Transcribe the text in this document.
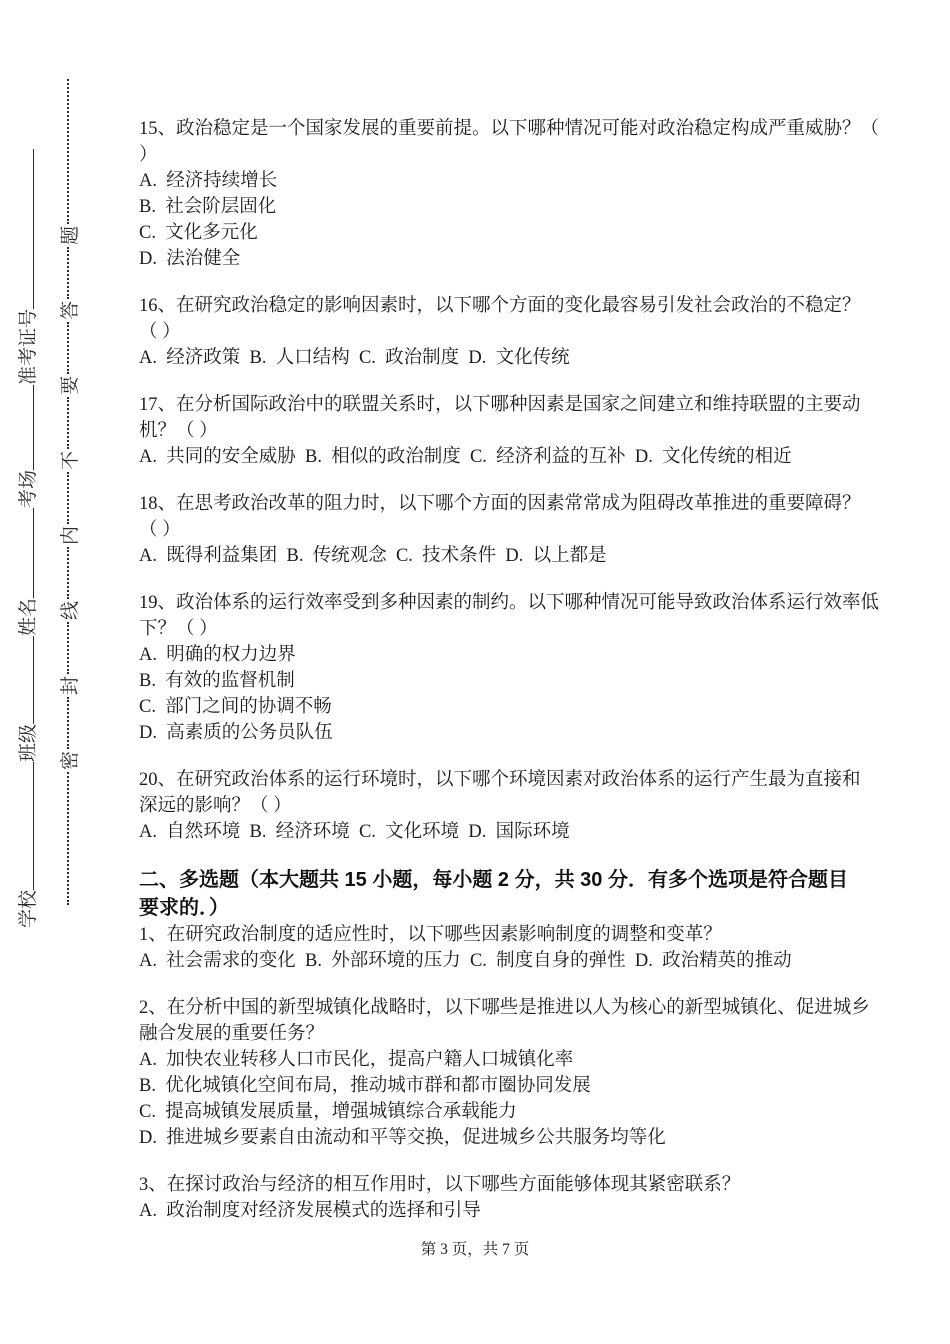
学校班级姓名考场准考证号
密
封
线
内
不
要
答
题
15、政治稳定是一个国家发展的重要前提。以下哪种情况可能对政治稳定构成严重威胁？（
）
A.  经济持续增长
B.  社会阶层固化
C.  文化多元化
D.  法治健全
16、在研究政治稳定的影响因素时，以下哪个方面的变化最容易引发社会政治的不稳定？
（ ）
A.  经济政策  B.  人口结构  C.  政治制度  D.  文化传统
17、在分析国际政治中的联盟关系时，以下哪种因素是国家之间建立和维持联盟的主要动
机？（ ）
A.  共同的安全威胁  B.  相似的政治制度  C.  经济利益的互补  D.  文化传统的相近
18、在思考政治改革的阻力时，以下哪个方面的因素常常成为阻碍改革推进的重要障碍？
（ ）
A.  既得利益集团  B.  传统观念  C.  技术条件  D.  以上都是
19、政治体系的运行效率受到多种因素的制约。以下哪种情况可能导致政治体系运行效率低
下？（ ）
A.  明确的权力边界
B.  有效的监督机制
C.  部门之间的协调不畅
D.  高素质的公务员队伍
20、在研究政治体系的运行环境时，以下哪个环境因素对政治体系的运行产生最为直接和
深远的影响？（ ）
A.  自然环境  B.  经济环境  C.  文化环境  D.  国际环境
二、多选题（本大题共 15 小题，每小题 2 分，共 30 分．有多个选项是符合题目
要求的．）
1、在研究政治制度的适应性时，以下哪些因素影响制度的调整和变革？
A.  社会需求的变化  B.  外部环境的压力  C.  制度自身的弹性  D.  政治精英的推动
2、在分析中国的新型城镇化战略时，以下哪些是推进以人为核心的新型城镇化、促进城乡
融合发展的重要任务？
A.  加快农业转移人口市民化，提高户籍人口城镇化率
B.  优化城镇化空间布局，推动城市群和都市圈协同发展
C.  提高城镇发展质量，增强城镇综合承载能力
D.  推进城乡要素自由流动和平等交换，促进城乡公共服务均等化
3、在探讨政治与经济的相互作用时，以下哪些方面能够体现其紧密联系？
A.  政治制度对经济发展模式的选择和引导
第 3 页，共 7 页
